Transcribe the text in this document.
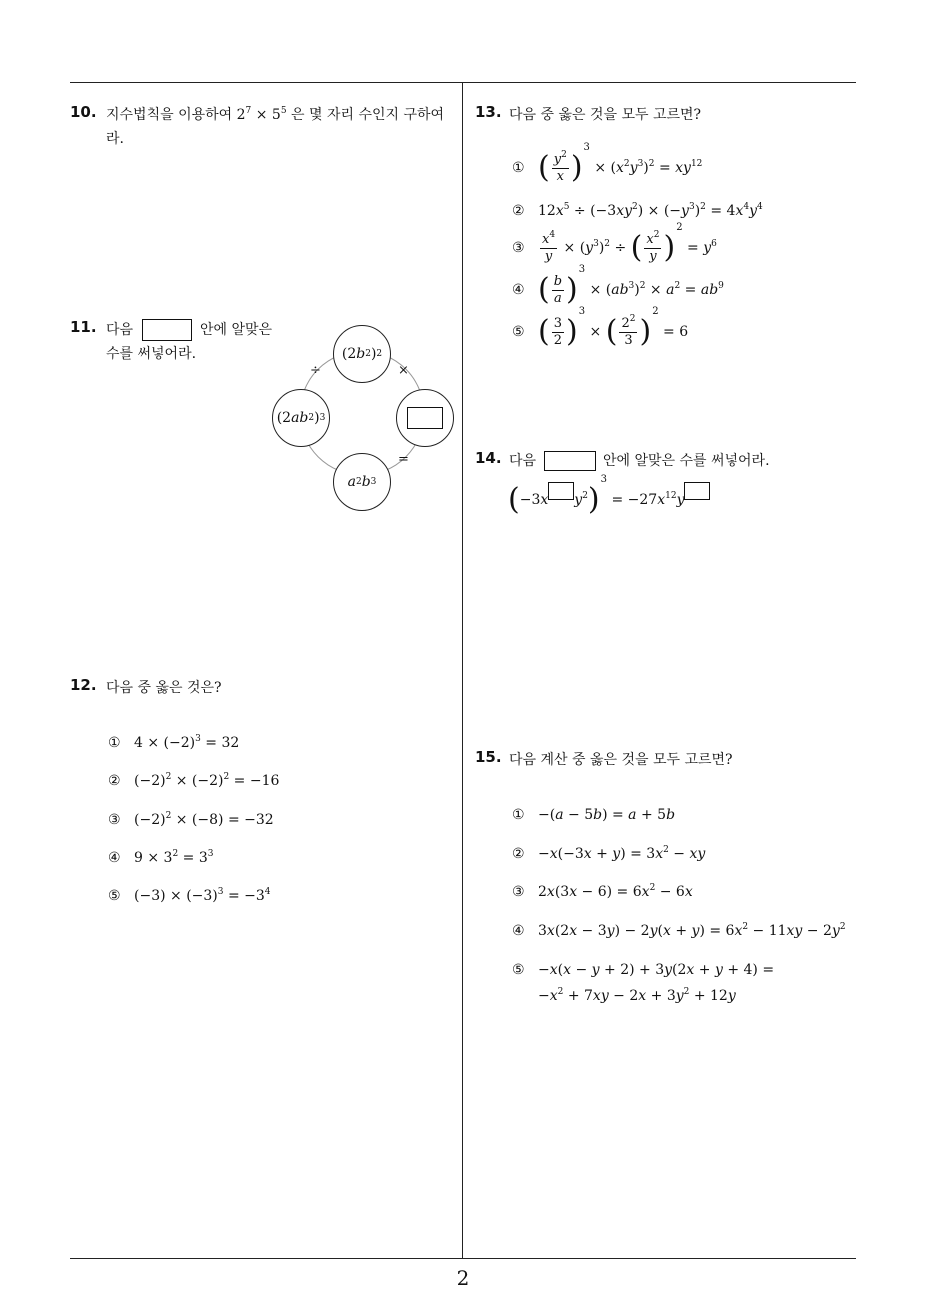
2
10. 지수법칙을 이용하여 $2^7 \times 5^5$ 은 몇 자리 수인지 구하여라.
11. 다음	안에 알맞은 수를 써넣어라.	(2 b 2 ) 2
(2 ab 2 ) 3
a 2 b 3
÷	×
=
12. 다음 중 옳은 것은?
① $4 \times (-2)^3 = 32$
② $(-2)^2 \times (-2)^2 = -16$
③ $(-2)^2 \times (-8) = -32$
④ $9 \times 3^2 = 3^3$
⑤ $(-3) \times (-3)^3 = -3^4$
13. 다음 중 옳은 것을 모두 고르면?
① ( $\frac{y^2}{x} )^3 \times (x^2y^3)^2 = xy^{12}$
② $12x^5 \div (-3xy^2) \times (-y^3)^2 = 4x^4y^4$
③ $\frac{x^4}{y} \times (y^3)^2$ ÷ ( $\frac{x^2}{y} )^2 = y^6$
④ ( $\frac{b}{a} )^3 \times (ab^3)^2 \times a^2 = ab^9$
⑤ ( $\frac{3}{2} )^3$ × ( $\frac{2^2}{3} )^2 = 6$
14. 다음	안에 알맞은 수를 써넣어라.
(−3x $y^2)^3 = -27x^{12}y$
15. 다음 계산 중 옳은 것을 모두 고르면?
① −(a − 5b) = a + 5b
② $-x(-3x + y) = 3x^2$ − xy
③ $2x(3x - 6) = 6x^2 - 6x$
④ $3x(2x - 3y) - 2y(x + y) = 6x^2 - 11xy - 2y^2$
⑤ −x(x − y + 2) + 3y(2x + y + 4) =
$-x^2 + 7xy - 2x + 3y^2 + 12y$
